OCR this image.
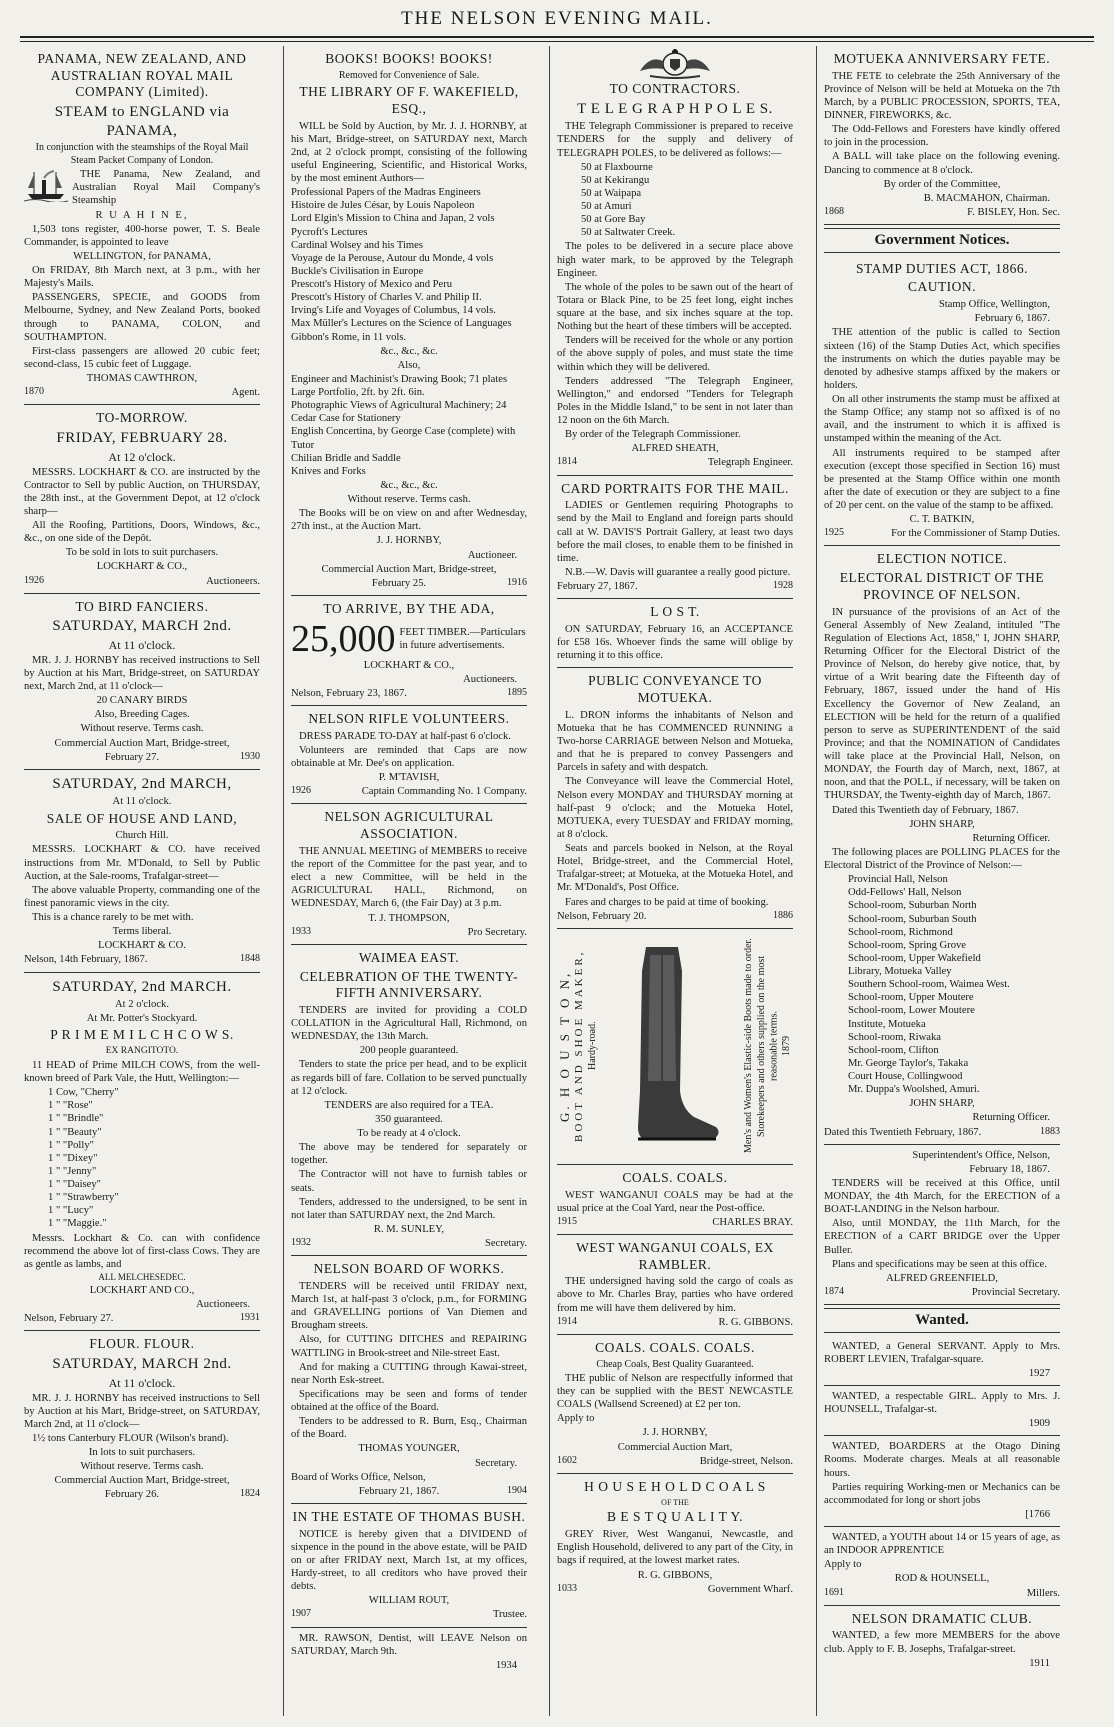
THE NELSON EVENING MAIL.
PANAMA, NEW ZEALAND, AND AUSTRALIAN ROYAL MAIL COMPANY (Limited).
STEAM to ENGLAND via PANAMA,
In conjunction with the steamships of the Royal Mail Steam Packet Company of London.
THE Panama, New Zealand, and Australian Royal Mail Company's Steamship
R U A H I N E,
1,503 tons register, 400-horse power, T. S. Beale Commander, is appointed to leave
WELLINGTON, for PANAMA,
On FRIDAY, 8th March next, at 3 p.m., with her Majesty's Mails.
PASSENGERS, SPECIE, and GOODS from Melbourne, Sydney, and New Zealand Ports, booked through to PANAMA, COLON, and SOUTHAMPTON.
First-class passengers are allowed 20 cubic feet; second-class, 15 cubic feet of Luggage.
THOMAS CAWTHRON,
1870	Agent.
TO-MORROW.
FRIDAY, FEBRUARY 28.
At 12 o'clock.
MESSRS. LOCKHART & CO. are instructed by the Contractor to Sell by public Auction, on THURSDAY, the 28th inst., at the Government Depot, at 12 o'clock sharp—
All the Roofing, Partitions, Doors, Windows, &c., &c., on one side of the Depôt.
To be sold in lots to suit purchasers.
LOCKHART & CO.,
1926	Auctioneers.
TO BIRD FANCIERS.
SATURDAY, MARCH 2nd.
At 11 o'clock.
MR. J. J. HORNBY has received instructions to Sell by Auction at his Mart, Bridge-street, on SATURDAY next, March 2nd, at 11 o'clock—
20 CANARY BIRDS
Also, Breeding Cages.
Without reserve. Terms cash.
Commercial Auction Mart, Bridge-street,
February 27.	1930
SATURDAY, 2nd MARCH,
At 11 o'clock.
SALE OF HOUSE AND LAND,
Church Hill.
MESSRS. LOCKHART & CO. have received instructions from Mr. M'Donald, to Sell by Public Auction, at the Sale-rooms, Trafalgar-street—
The above valuable Property, commanding one of the finest panoramic views in the city.
This is a chance rarely to be met with.
Terms liberal.
LOCKHART & CO.
Nelson, 14th February, 1867.	1848
SATURDAY, 2nd MARCH.
At 2 o'clock.
At Mr. Potter's Stockyard.
P R I M E M I L C H C O W S.
EX RANGITOTO.
11 HEAD of Prime MILCH COWS, from the well-known breed of Park Vale, the Hutt, Wellington:—
1 Cow, "Cherry"
1 " "Rose"
1 " "Brindle"
1 " "Beauty"
1 " "Polly"
1 " "Dixey"
1 " "Jenny"
1 " "Daisey"
1 " "Strawberry"
1 " "Lucy"
1 " "Maggie."
Messrs. Lockhart & Co. can with confidence recommend the above lot of first-class Cows. They are as gentle as lambs, and
ALL MELCHESEDEC.
LOCKHART AND CO.,
Auctioneers.
Nelson, February 27.	1931
FLOUR. FLOUR.
SATURDAY, MARCH 2nd.
At 11 o'clock.
MR. J. J. HORNBY has received instructions to Sell by Auction at his Mart, Bridge-street, on SATURDAY, March 2nd, at 11 o'clock—
1½ tons Canterbury FLOUR (Wilson's brand).
In lots to suit purchasers.
Without reserve. Terms cash.
Commercial Auction Mart, Bridge-street,
February 26.	1824
BOOKS! BOOKS! BOOKS!
Removed for Convenience of Sale.
THE LIBRARY OF F. WAKEFIELD, ESQ.,
WILL be Sold by Auction, by Mr. J. J. HORNBY, at his Mart, Bridge-street, on SATURDAY next, March 2nd, at 2 o'clock prompt, consisting of the following useful Engineering, Scientific, and Historical Works, by the most eminent Authors—
Professional Papers of the Madras Engineers
Histoire de Jules César, by Louis Napoleon
Lord Elgin's Mission to China and Japan, 2 vols
Pycroft's Lectures
Cardinal Wolsey and his Times
Voyage de la Perouse, Autour du Monde, 4 vols
Buckle's Civilisation in Europe
Prescott's History of Mexico and Peru
Prescott's History of Charles V. and Philip II.
Irving's Life and Voyages of Columbus, 14 vols.
Max Müller's Lectures on the Science of Languages
Gibbon's Rome, in 11 vols.
&c., &c., &c.
Also,
Engineer and Machinist's Drawing Book; 71 plates
Large Portfolio, 2ft. by 2ft. 6in.
Photographic Views of Agricultural Machinery; 24
Cedar Case for Stationery
English Concertina, by George Case (complete) with Tutor
Chilian Bridle and Saddle
Knives and Forks
&c., &c., &c.
Without reserve. Terms cash.
The Books will be on view on and after Wednesday, 27th inst., at the Auction Mart.
J. J. HORNBY,
Auctioneer.
Commercial Auction Mart, Bridge-street,
February 25.	1916
TO ARRIVE, BY THE ADA,
25,000 FEET TIMBER.—Particulars in future advertisements.
LOCKHART & CO.,
Auctioneers.
Nelson, February 23, 1867.	1895
NELSON RIFLE VOLUNTEERS.
DRESS PARADE TO-DAY at half-past 6 o'clock.
Volunteers are reminded that Caps are now obtainable at Mr. Dee's on application.
P. M'TAVISH,
1926	Captain Commanding No. 1 Company.
NELSON AGRICULTURAL ASSOCIATION.
THE ANNUAL MEETING of MEMBERS to receive the report of the Committee for the past year, and to elect a new Committee, will be held in the AGRICULTURAL HALL, Richmond, on WEDNESDAY, March 6, (the Fair Day) at 3 p.m.
T. J. THOMPSON,
1933	Pro Secretary.
WAIMEA EAST.
CELEBRATION OF THE TWENTY-FIFTH ANNIVERSARY.
TENDERS are invited for providing a COLD COLLATION in the Agricultural Hall, Richmond, on WEDNESDAY, the 13th March.
200 people guaranteed.
Tenders to state the price per head, and to be explicit as regards bill of fare. Collation to be served punctually at 12 o'clock.
TENDERS are also required for a TEA.
350 guaranteed.
To be ready at 4 o'clock.
The above may be tendered for separately or together.
The Contractor will not have to furnish tables or seats.
Tenders, addressed to the undersigned, to be sent in not later than SATURDAY next, the 2nd March.
R. M. SUNLEY,
1932	Secretary.
NELSON BOARD OF WORKS.
TENDERS will be received until FRIDAY next, March 1st, at half-past 3 o'clock, p.m., for FORMING and GRAVELLING portions of Van Diemen and Brougham streets.
Also, for CUTTING DITCHES and REPAIRING WATTLING in Brook-street and Nile-street East.
And for making a CUTTING through Kawai-street, near North Esk-street.
Specifications may be seen and forms of tender obtained at the office of the Board.
Tenders to be addressed to R. Burn, Esq., Chairman of the Board.
THOMAS YOUNGER,
Secretary.
Board of Works Office, Nelson,
February 21, 1867.	1904
IN THE ESTATE OF THOMAS BUSH.
NOTICE is hereby given that a DIVIDEND of sixpence in the pound in the above estate, will be PAID on or after FRIDAY next, March 1st, at my offices, Hardy-street, to all creditors who have proved their debts.
WILLIAM ROUT,
1907	Trustee.
MR. RAWSON, Dentist, will LEAVE Nelson on SATURDAY, March 9th.
1934
TO CONTRACTORS.
T E L E G R A P H P O L E S.
THE Telegraph Commissioner is prepared to receive TENDERS for the supply and delivery of TELEGRAPH POLES, to be delivered as follows:—
50 at Flaxbourne
50 at Kekirangu
50 at Waipapa
50 at Amuri
50 at Gore Bay
50 at Saltwater Creek.
The poles to be delivered in a secure place above high water mark, to be approved by the Telegraph Engineer.
The whole of the poles to be sawn out of the heart of Totara or Black Pine, to be 25 feet long, eight inches square at the base, and six inches square at the top. Nothing but the heart of these timbers will be accepted.
Tenders will be received for the whole or any portion of the above supply of poles, and must state the time within which they will be delivered.
Tenders addressed "The Telegraph Engineer, Wellington," and endorsed "Tenders for Telegraph Poles in the Middle Island," to be sent in not later than 12 noon on the 6th March.
By order of the Telegraph Commissioner.
ALFRED SHEATH,
1814	Telegraph Engineer.
CARD PORTRAITS FOR THE MAIL.
LADIES or Gentlemen requiring Photographs to send by the Mail to England and foreign parts should call at W. DAVIS'S Portrait Gallery, at least two days before the mail closes, to enable them to be finished in time.
N.B.—W. Davis will guarantee a really good picture.
February 27, 1867.	1928
L O S T.
ON SATURDAY, February 16, an ACCEPTANCE for £58 16s. Whoever finds the same will oblige by returning it to this office.
PUBLIC CONVEYANCE TO MOTUEKA.
L. DRON informs the inhabitants of Nelson and Motueka that he has COMMENCED RUNNING a Two-horse CARRIAGE between Nelson and Motueka, and that he is prepared to convey Passengers and Parcels in safety and with despatch.
The Conveyance will leave the Commercial Hotel, Nelson every MONDAY and THURSDAY morning at half-past 9 o'clock; and the Motueka Hotel, MOTUEKA, every TUESDAY and FRIDAY morning, at 8 o'clock.
Seats and parcels booked in Nelson, at the Royal Hotel, Bridge-street, and the Commercial Hotel, Trafalgar-street; at Motueka, at the Motueka Hotel, and Mr. M'Donald's, Post Office.
Fares and charges to be paid at time of booking.
Nelson, February 20.	1886
G. H O U S T O N, BOOT AND SHOE MAKER, Hardy-road.	Men's and Women's Elastic-side Boots made to order. Storekeepers and others supplied on the most reasonable terms. 1879
COALS. COALS.
WEST WANGANUI COALS may be had at the usual price at the Coal Yard, near the Post-office.
1915	CHARLES BRAY.
WEST WANGANUI COALS, EX RAMBLER.
THE undersigned having sold the cargo of coals as above to Mr. Charles Bray, parties who have ordered from me will have them delivered by him.
1914	R. G. GIBBONS.
COALS. COALS. COALS.
Cheap Coals, Best Quality Guaranteed.
THE public of Nelson are respectfully informed that they can be supplied with the BEST NEWCASTLE COALS (Wallsend Screened) at £2 per ton.
Apply to
J. J. HORNBY,
Commercial Auction Mart,
1602	Bridge-street, Nelson.
H O U S E H O L D C O A L S
OF THE
B E S T Q U A L I T Y.
GREY River, West Wanganui, Newcastle, and English Household, delivered to any part of the City, in bags if required, at the lowest market rates.
R. G. GIBBONS,
1033	Government Wharf.
MOTUEKA ANNIVERSARY FETE.
THE FETE to celebrate the 25th Anniversary of the Province of Nelson will be held at Motueka on the 7th March, by a PUBLIC PROCESSION, SPORTS, TEA, DINNER, FIREWORKS, &c.
The Odd-Fellows and Foresters have kindly offered to join in the procession.
A BALL will take place on the following evening. Dancing to commence at 8 o'clock.
By order of the Committee,
B. MACMAHON, Chairman.
1868	F. BISLEY, Hon. Sec.
Government Notices.
STAMP DUTIES ACT, 1866.
CAUTION.
Stamp Office, Wellington,
February 6, 1867.
THE attention of the public is called to Section sixteen (16) of the Stamp Duties Act, which specifies the instruments on which the duties payable may be denoted by adhesive stamps affixed by the makers or holders.
On all other instruments the stamp must be affixed at the Stamp Office; any stamp not so affixed is of no avail, and the instrument to which it is affixed is unstamped within the meaning of the Act.
All instruments required to be stamped after execution (except those specified in Section 16) must be presented at the Stamp Office within one month after the date of execution or they are subject to a fine of 20 per cent. on the value of the stamp to be affixed.
C. T. BATKIN,
1925	For the Commissioner of Stamp Duties.
ELECTION NOTICE.
ELECTORAL DISTRICT OF THE PROVINCE OF NELSON.
IN pursuance of the provisions of an Act of the General Assembly of New Zealand, intituled "The Regulation of Elections Act, 1858," I, JOHN SHARP, Returning Officer for the Electoral District of the Province of Nelson, do hereby give notice, that, by virtue of a Writ bearing date the Fifteenth day of February, 1867, issued under the hand of His Excellency the Governor of New Zealand, an ELECTION will be held for the return of a qualified person to serve as SUPERINTENDENT of the said Province; and that the NOMINATION of Candidates will take place at the Provincial Hall, Nelson, on MONDAY, the Fourth day of March, next, 1867, at noon, and that the POLL, if necessary, will be taken on THURSDAY, the Twenty-eighth day of March, 1867.
Dated this Twentieth day of February, 1867.
JOHN SHARP,
Returning Officer.
The following places are POLLING PLACES for the Electoral District of the Province of Nelson:—
Provincial Hall, Nelson
Odd-Fellows' Hall, Nelson
School-room, Suburban North
School-room, Suburban South
School-room, Richmond
School-room, Spring Grove
School-room, Upper Wakefield
Library, Motueka Valley
Southern School-room, Waimea West.
School-room, Upper Moutere
School-room, Lower Moutere
Institute, Motueka
School-room, Riwaka
School-room, Clifton
Mr. George Taylor's, Takaka
Court House, Collingwood
Mr. Duppa's Woolshed, Amuri.
JOHN SHARP,
Returning Officer.
Dated this Twentieth February, 1867.	1883
Superintendent's Office, Nelson,
February 18, 1867.
TENDERS will be received at this Office, until MONDAY, the 4th March, for the ERECTION of a BOAT-LANDING in the Nelson harbour.
Also, until MONDAY, the 11th March, for the ERECTION of a CART BRIDGE over the Upper Buller.
Plans and specifications may be seen at this office.
ALFRED GREENFIELD,
1874	Provincial Secretary.
Wanted.
WANTED, a General SERVANT. Apply to Mrs. ROBERT LEVIEN, Trafalgar-square.
1927
WANTED, a respectable GIRL. Apply to Mrs. J. HOUNSELL, Trafalgar-st.
1909
WANTED, BOARDERS at the Otago Dining Rooms. Moderate charges. Meals at all reasonable hours.
Parties requiring Working-men or Mechanics can be accommodated for long or short jobs
[1766
WANTED, a YOUTH about 14 or 15 years of age, as an INDOOR APPRENTICE
Apply to
ROD & HOUNSELL,
1691	Millers.
NELSON DRAMATIC CLUB.
WANTED, a few more MEMBERS for the above club. Apply to F. B. Josephs, Trafalgar-street.
1911
